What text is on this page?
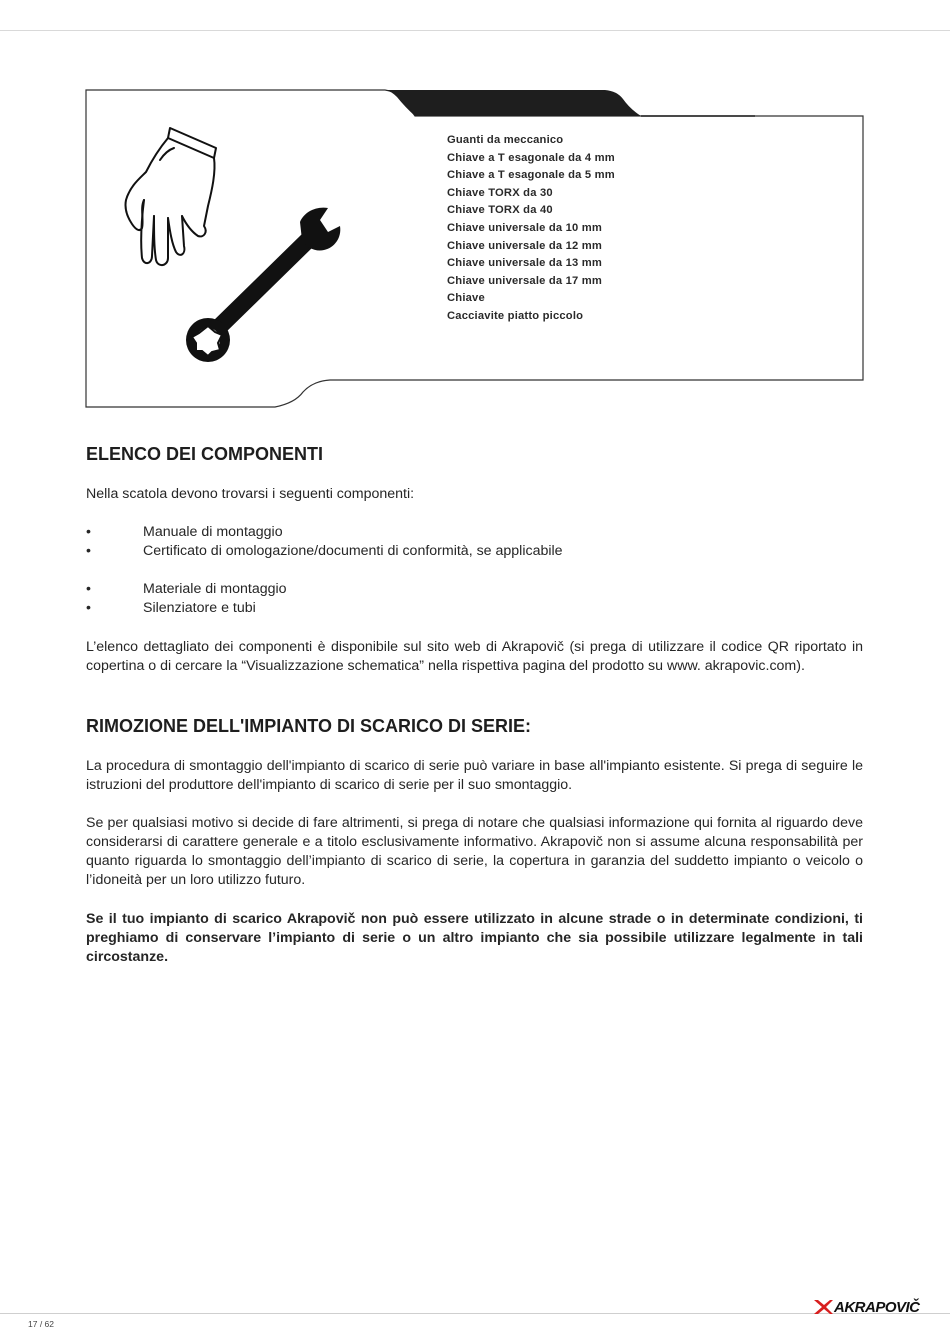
Guanti da meccanico
Chiave a T esagonale da 4 mm
Chiave a T esagonale da 5 mm
Chiave TORX da 30
Chiave TORX da 40
Chiave universale da 10 mm
Chiave universale da 12 mm
Chiave universale da 13 mm
Chiave universale da 17 mm
Chiave
Cacciavite piatto piccolo
ELENCO DEI COMPONENTI

Nella scatola devono trovarsi i seguenti componenti:

•	Manuale di montaggio
•	Certificato di omologazione/documenti di conformità, se applicabile
•	Materiale di montaggio
•	Silenziatore e tubi

L’elenco dettagliato dei componenti è disponibile sul sito web di Akrapovič (si prega di utilizzare il codice QR riportato in copertina o di cercare la “Visualizzazione schematica” nella rispettiva pagina del prodotto su www. akrapovic.com).

RIMOZIONE DELL'IMPIANTO DI SCARICO DI SERIE:

La procedura di smontaggio dell'impianto di scarico di serie può variare in base all'impianto esistente. Si prega di seguire le istruzioni del produttore dell'impianto di scarico di serie per il suo smontaggio.

Se per qualsiasi motivo si decide di fare altrimenti, si prega di notare che qualsiasi informazione qui fornita al riguardo deve considerarsi di carattere generale e a titolo esclusivamente informativo. Akrapovič non si assume alcuna responsabilità per quanto riguarda lo smontaggio dell’impianto di scarico di serie, la copertura in garanzia del suddetto impianto o veicolo o l’idoneità per un loro utilizzo futuro.

Se il tuo impianto di scarico Akrapovič non può essere utilizzato in alcune strade o in determinate condizioni, ti preghiamo di conservare l’impianto di serie o un altro impianto che sia possibile utilizzare legalmente in tali circostanze.

17 / 62
AKRAPOVIČ
